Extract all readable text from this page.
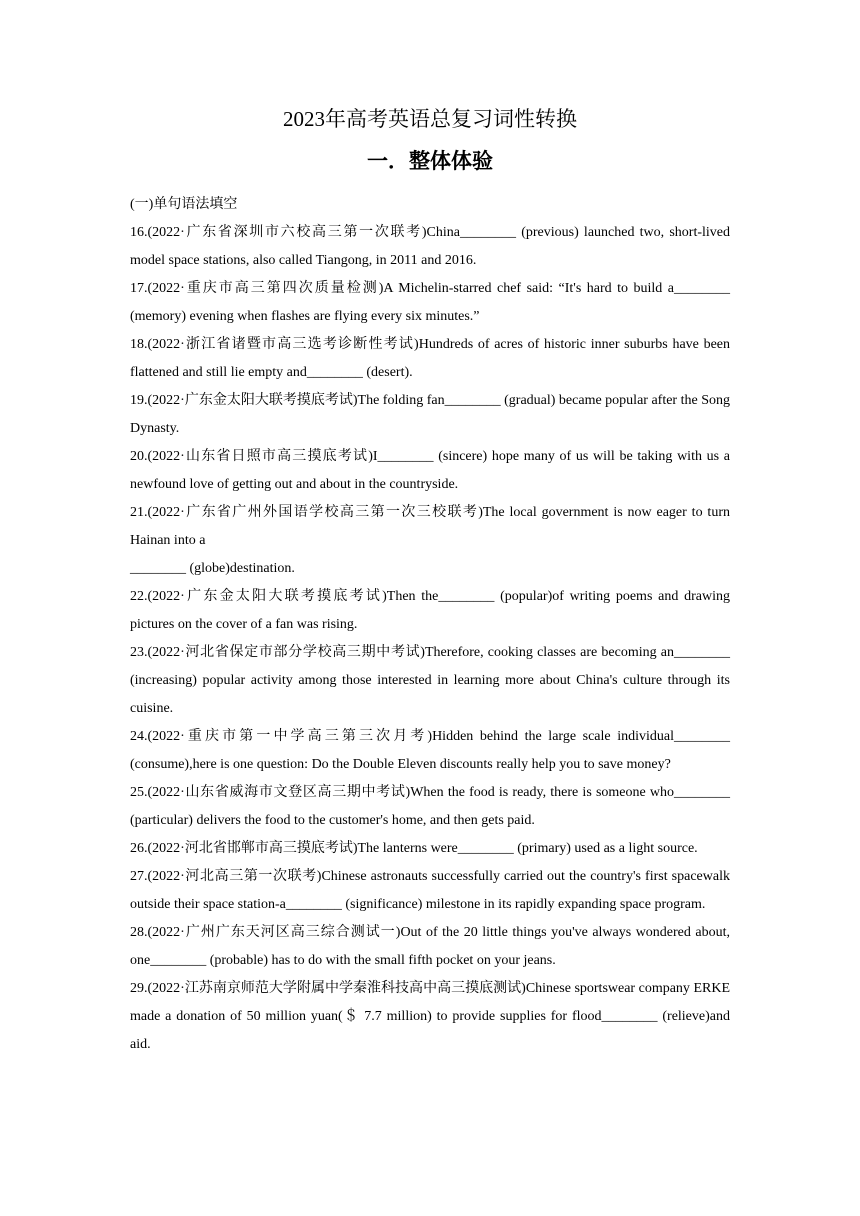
2023年高考英语总复习词性转换
一．整体体验
(一)单句语法填空
16.(2022·广东省深圳市六校高三第一次联考)China________ (previous) launched two, short-lived model space stations, also called Tiangong, in 2011 and 2016.
17.(2022·重庆市高三第四次质量检测)A Michelin-starred chef said: “It's hard to build a________ (memory) evening when flashes are flying every six minutes.”
18.(2022·浙江省诸暨市高三选考诊断性考试)Hundreds of acres of historic inner suburbs have been flattened and still lie empty and________ (desert).
19.(2022·广东金太阳大联考摸底考试)The folding fan________ (gradual) became popular after the Song Dynasty.
20.(2022·山东省日照市高三摸底考试)I________ (sincere) hope many of us will be taking with us a newfound love of getting out and about in the countryside.
21.(2022·广东省广州外国语学校高三第一次三校联考)The local government is now eager to turn Hainan into a
________ (globe)destination.
22.(2022·广东金太阳大联考摸底考试)Then the________ (popular)of writing poems and drawing pictures on the cover of a fan was rising.
23.(2022·河北省保定市部分学校高三期中考试)Therefore, cooking classes are becoming an________ (increasing) popular activity among those interested in learning more about China's culture through its cuisine.
24.(2022·重庆市第一中学高三第三次月考)Hidden behind the large scale individual________ (consume),here is one question: Do the Double Eleven discounts really help you to save money?
25.(2022·山东省威海市文登区高三期中考试)When the food is ready, there is someone who________ (particular) delivers the food to the customer's home, and then gets paid.
26.(2022·河北省邯郸市高三摸底考试)The lanterns were________ (primary) used as a light source.
27.(2022·河北高三第一次联考)Chinese astronauts successfully carried out the country's first spacewalk outside their space station-a________ (significance) milestone in its rapidly expanding space program.
28.(2022·广州广东天河区高三综合测试一)Out of the 20 little things you've always wondered about, one________ (probable) has to do with the small fifth pocket on your jeans.
29.(2022·江苏南京师范大学附属中学秦淮科技高中高三摸底测试)Chinese sportswear company ERKE made a donation of 50 million yuan(＄ 7.7 million) to provide supplies for flood________ (relieve)and aid.
